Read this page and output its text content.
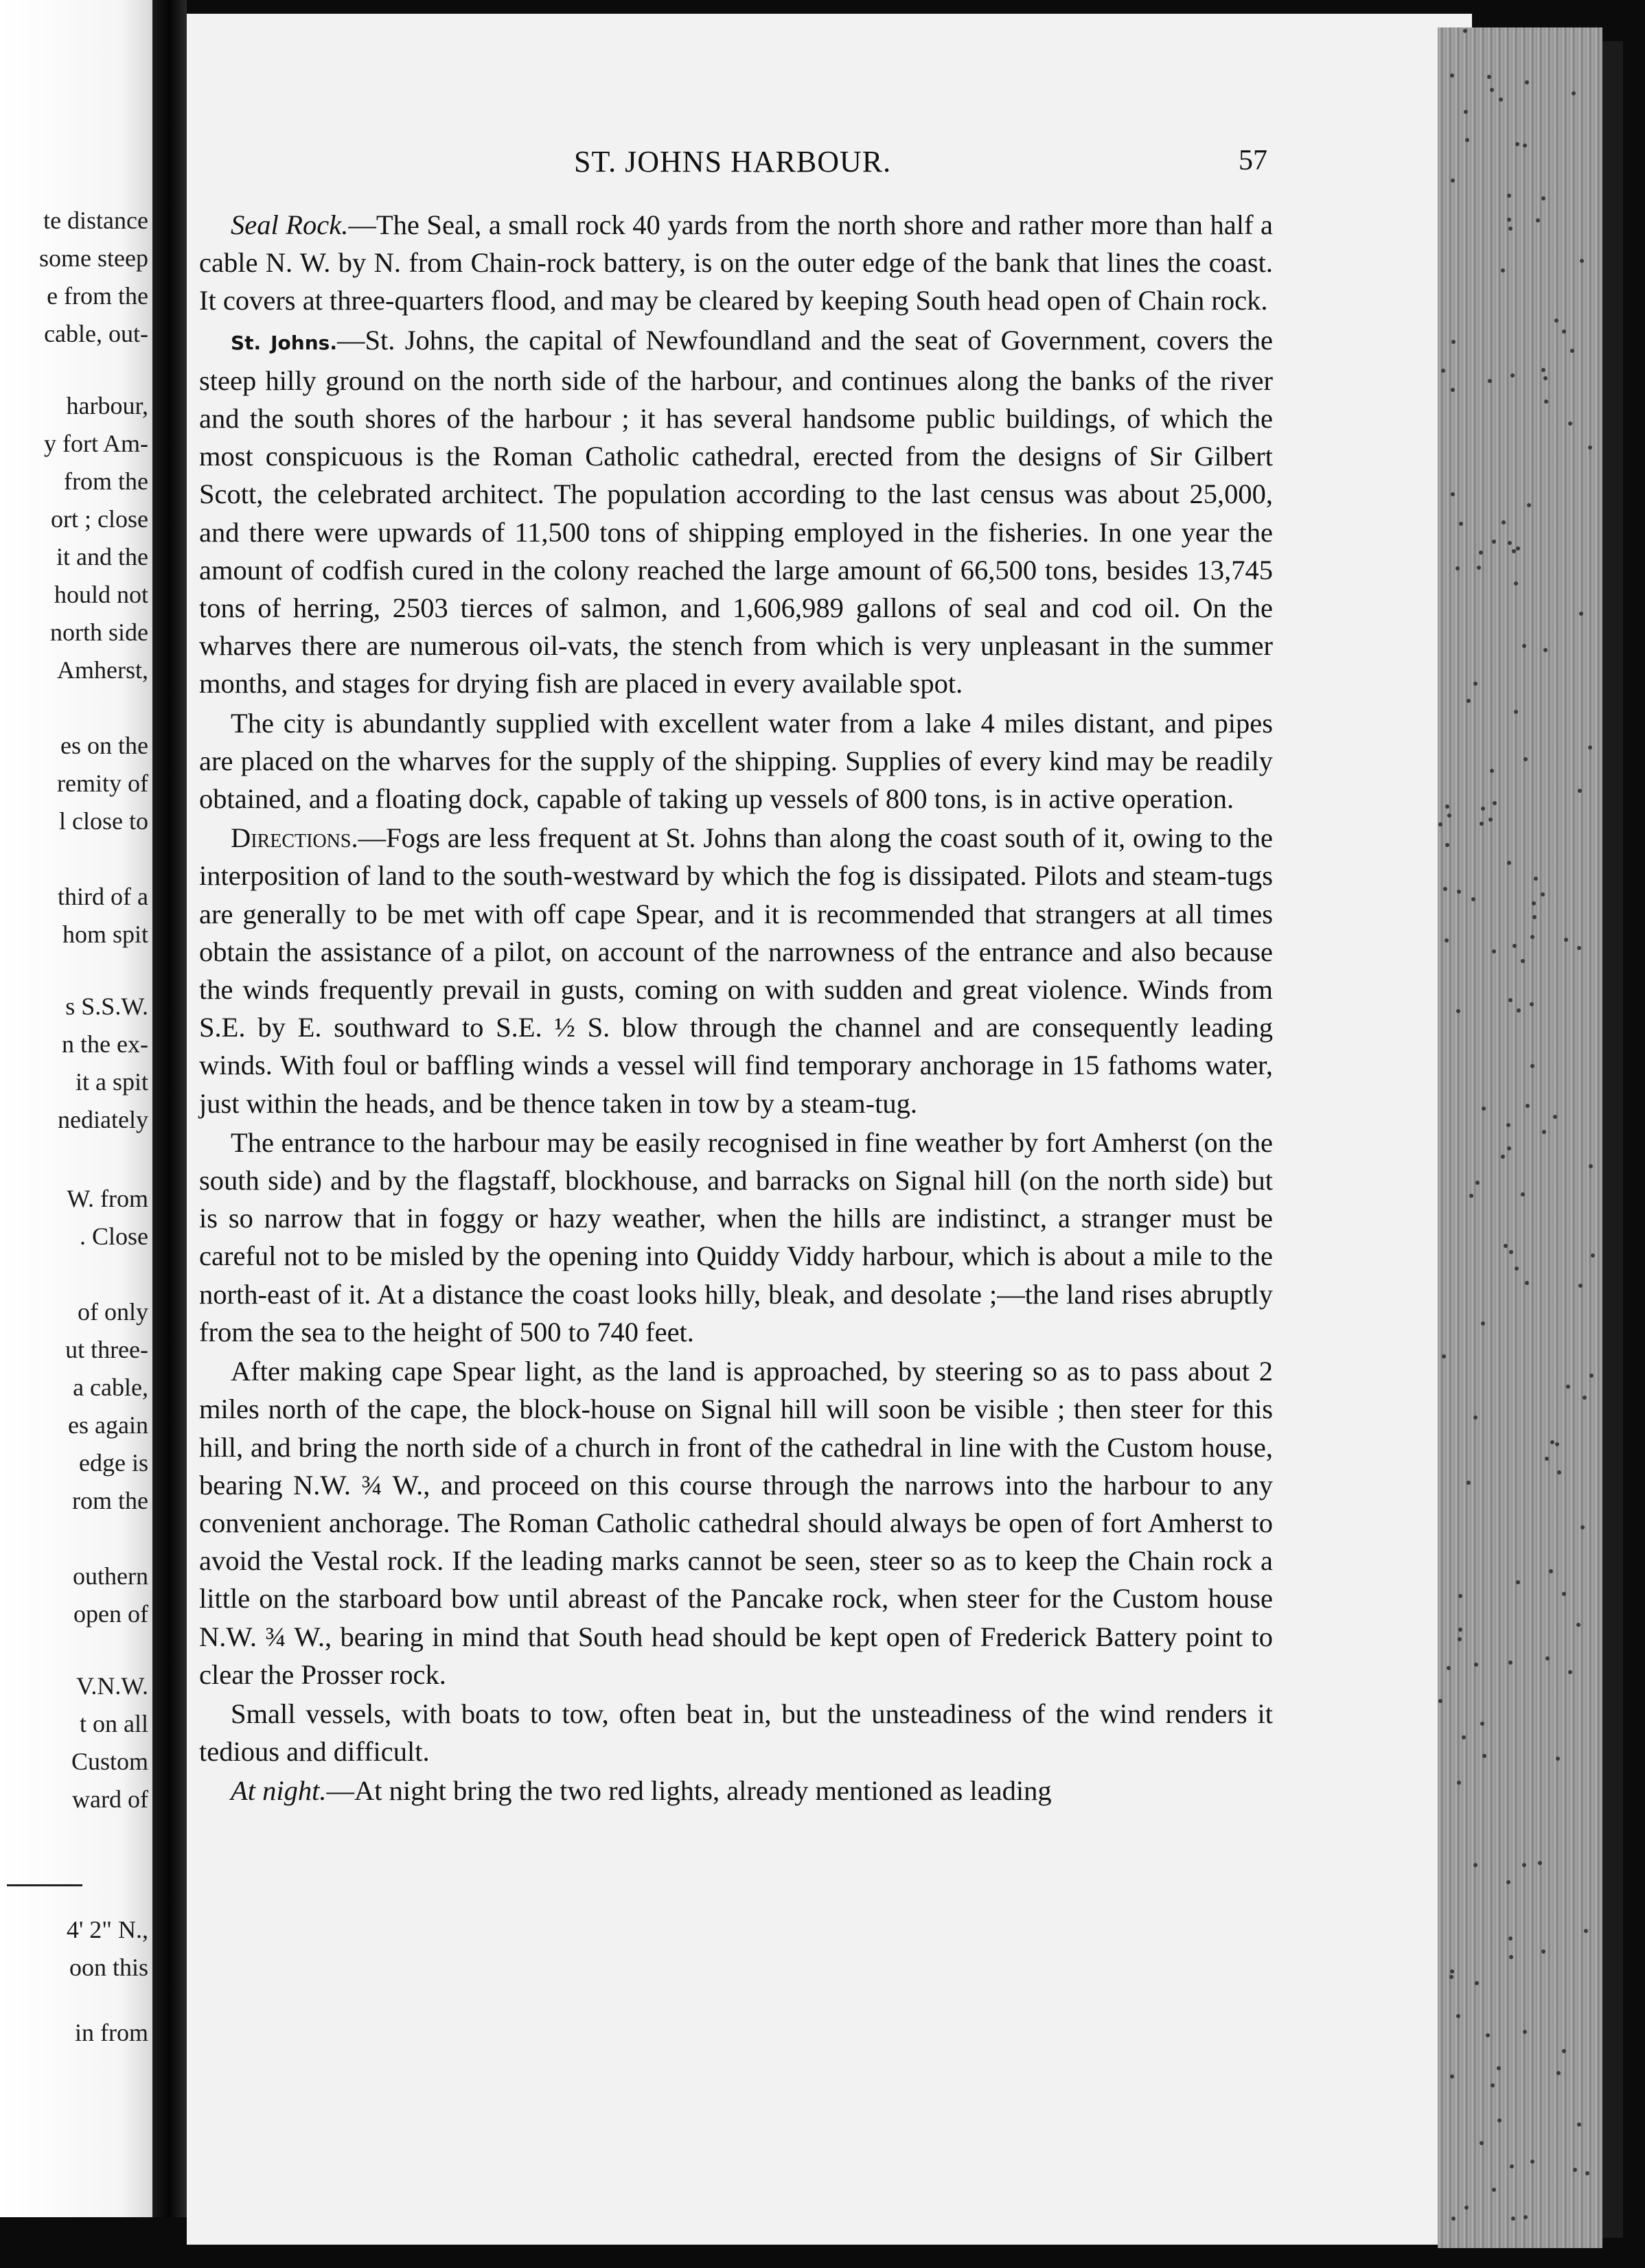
te distance
some steep
e from the
cable, out-
harbour,
y fort Am-
from the
ort ; close
it and the
hould not
north side
Amherst,
es on the
remity of
l close to
third of a
hom spit
s S.S.W.
n the ex-
it a spit
nediately
W. from
. Close
of only
ut three-
a cable,
es again
edge is
rom the
outhern
open of
V.N.W.
t on all
Custom
ward of
4' 2" N.,
oon this
in from
ST. JOHNS HARBOUR.	57

Seal Rock.—The Seal, a small rock 40 yards from the north shore and rather more than half a cable N. W. by N. from Chain-rock battery, is on the outer edge of the bank that lines the coast. It covers at three-quarters flood, and may be cleared by keeping South head open of Chain rock.

St. Johns.—St. Johns, the capital of Newfoundland and the seat of Government, covers the steep hilly ground on the north side of the harbour, and continues along the banks of the river and the south shores of the harbour ; it has several handsome public buildings, of which the most conspicuous is the Roman Catholic cathedral, erected from the designs of Sir Gilbert Scott, the celebrated architect. The population according to the last census was about 25,000, and there were upwards of 11,500 tons of shipping employed in the fisheries. In one year the amount of codfish cured in the colony reached the large amount of 66,500 tons, besides 13,745 tons of herring, 2503 tierces of salmon, and 1,606,989 gallons of seal and cod oil. On the wharves there are numerous oil-vats, the stench from which is very unpleasant in the summer months, and stages for drying fish are placed in every available spot.

The city is abundantly supplied with excellent water from a lake 4 miles distant, and pipes are placed on the wharves for the supply of the shipping. Supplies of every kind may be readily obtained, and a floating dock, capable of taking up vessels of 800 tons, is in active operation.

Directions.—Fogs are less frequent at St. Johns than along the coast south of it, owing to the interposition of land to the south-westward by which the fog is dissipated. Pilots and steam-tugs are generally to be met with off cape Spear, and it is recommended that strangers at all times obtain the assistance of a pilot, on account of the narrowness of the entrance and also because the winds frequently prevail in gusts, coming on with sudden and great violence. Winds from S.E. by E. southward to S.E. ½ S. blow through the channel and are consequently leading winds. With foul or baffling winds a vessel will find temporary anchorage in 15 fathoms water, just within the heads, and be thence taken in tow by a steam-tug.

The entrance to the harbour may be easily recognised in fine weather by fort Amherst (on the south side) and by the flagstaff, blockhouse, and barracks on Signal hill (on the north side) but is so narrow that in foggy or hazy weather, when the hills are indistinct, a stranger must be careful not to be misled by the opening into Quiddy Viddy harbour, which is about a mile to the north-east of it. At a distance the coast looks hilly, bleak, and desolate ;—the land rises abruptly from the sea to the height of 500 to 740 feet.

After making cape Spear light, as the land is approached, by steering so as to pass about 2 miles north of the cape, the block-house on Signal hill will soon be visible ; then steer for this hill, and bring the north side of a church in front of the cathedral in line with the Custom house, bearing N.W. ¾ W., and proceed on this course through the narrows into the harbour to any convenient anchorage. The Roman Catholic cathedral should always be open of fort Amherst to avoid the Vestal rock. If the leading marks cannot be seen, steer so as to keep the Chain rock a little on the starboard bow until abreast of the Pancake rock, when steer for the Custom house N.W. ¾ W., bearing in mind that South head should be kept open of Frederick Battery point to clear the Prosser rock.

Small vessels, with boats to tow, often beat in, but the unsteadiness of the wind renders it tedious and difficult.

At night.—At night bring the two red lights, already mentioned as leading
